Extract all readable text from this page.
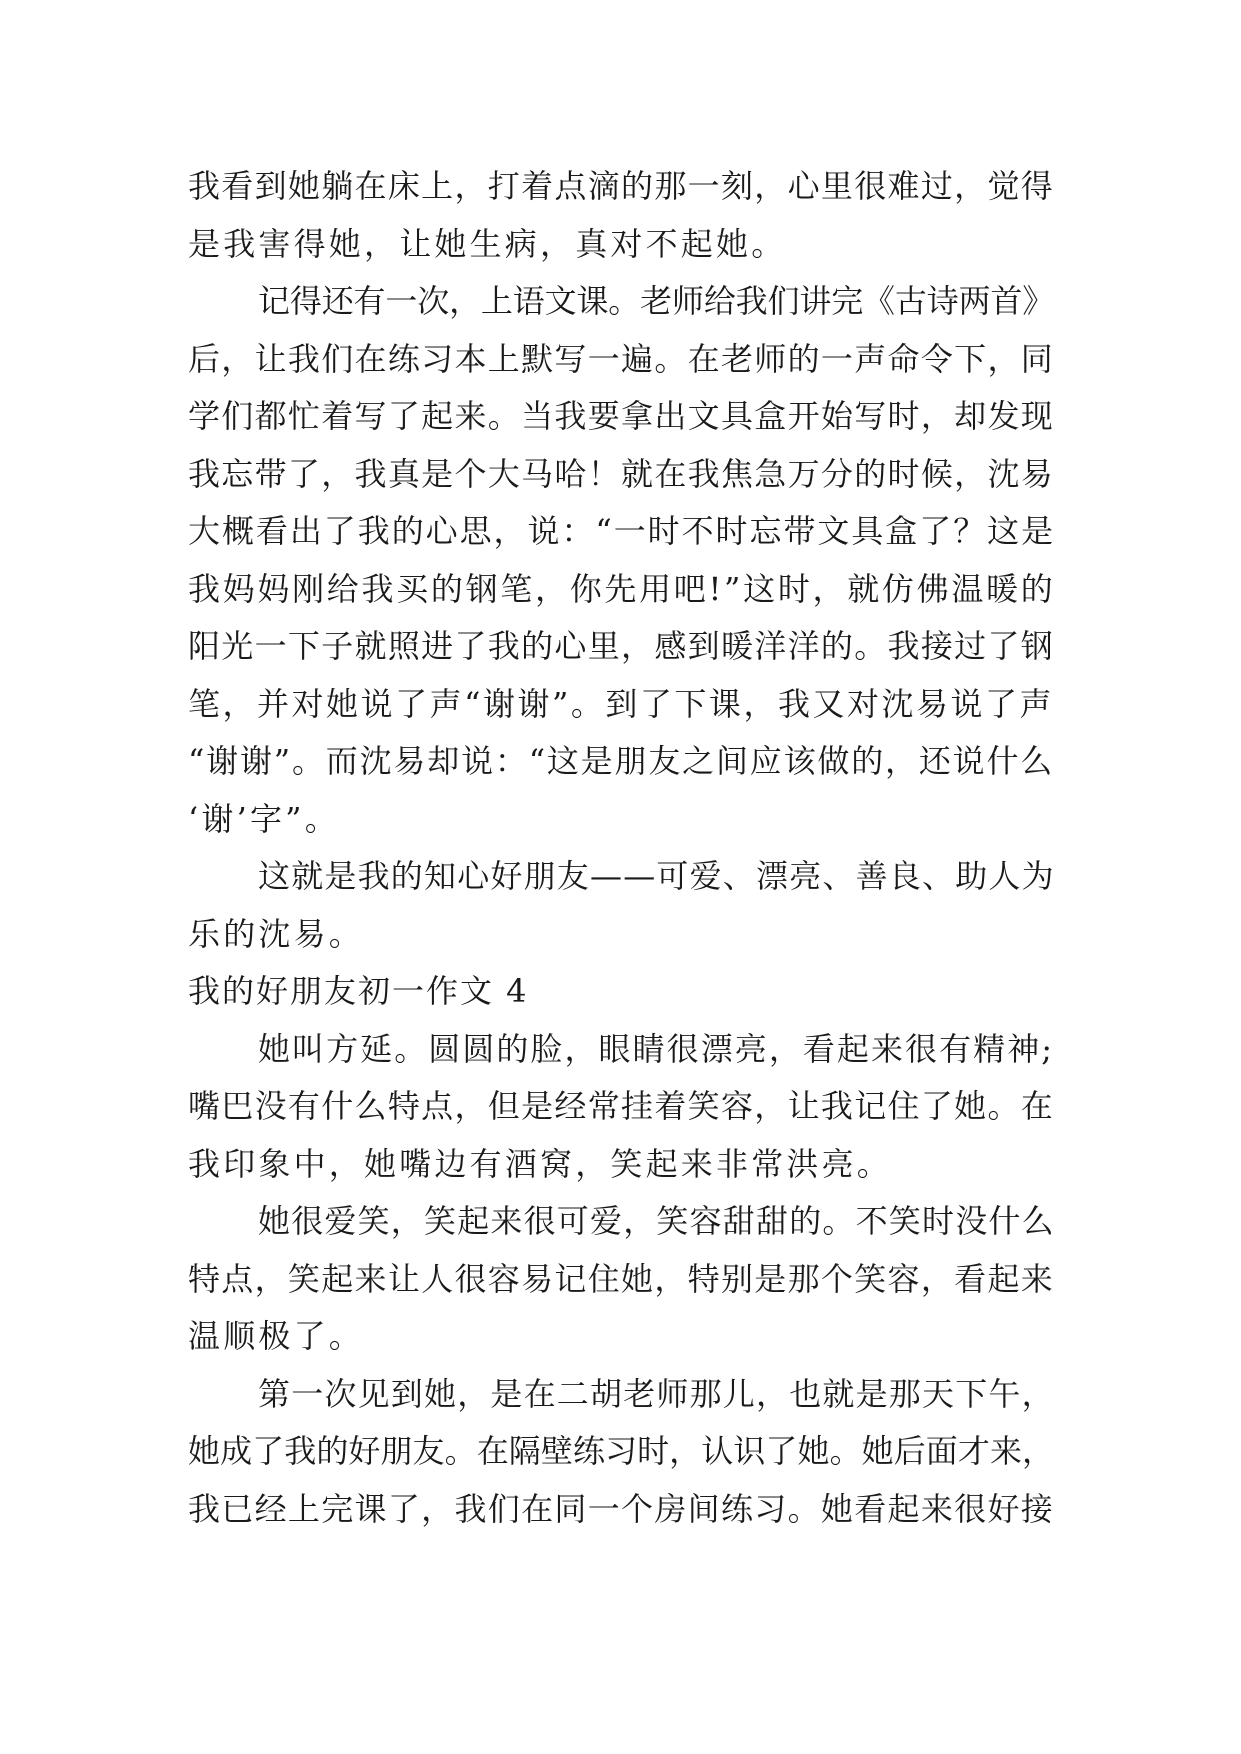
我看到她躺在床上，打着点滴的那一刻，心里很难过，觉得
是我害得她，让她生病，真对不起她。
记得还有一次，上语文课。老师给我们讲完《古诗两首》
后，让我们在练习本上默写一遍。在老师的一声命令下，同
学们都忙着写了起来。当我要拿出文具盒开始写时，却发现
我忘带了，我真是个大马哈！就在我焦急万分的时候，沈易
大概看出了我的心思，说：“一时不时忘带文具盒了？这是
我妈妈刚给我买的钢笔，你先用吧!”这时，就仿佛温暖的
阳光一下子就照进了我的心里，感到暖洋洋的。我接过了钢
笔，并对她说了声“谢谢”。到了下课，我又对沈易说了声
“谢谢”。而沈易却说：“这是朋友之间应该做的，还说什么
‘谢’字”。
这就是我的知心好朋友——可爱、漂亮、善良、助人为
乐的沈易。
我的好朋友初一作文 4
她叫方延。圆圆的脸，眼睛很漂亮，看起来很有精神;
嘴巴没有什么特点，但是经常挂着笑容，让我记住了她。在
我印象中，她嘴边有酒窝，笑起来非常洪亮。
她很爱笑，笑起来很可爱，笑容甜甜的。不笑时没什么
特点，笑起来让人很容易记住她，特别是那个笑容，看起来
温顺极了。
第一次见到她，是在二胡老师那儿，也就是那天下午，
她成了我的好朋友。在隔壁练习时，认识了她。她后面才来，
我已经上完课了，我们在同一个房间练习。她看起来很好接
